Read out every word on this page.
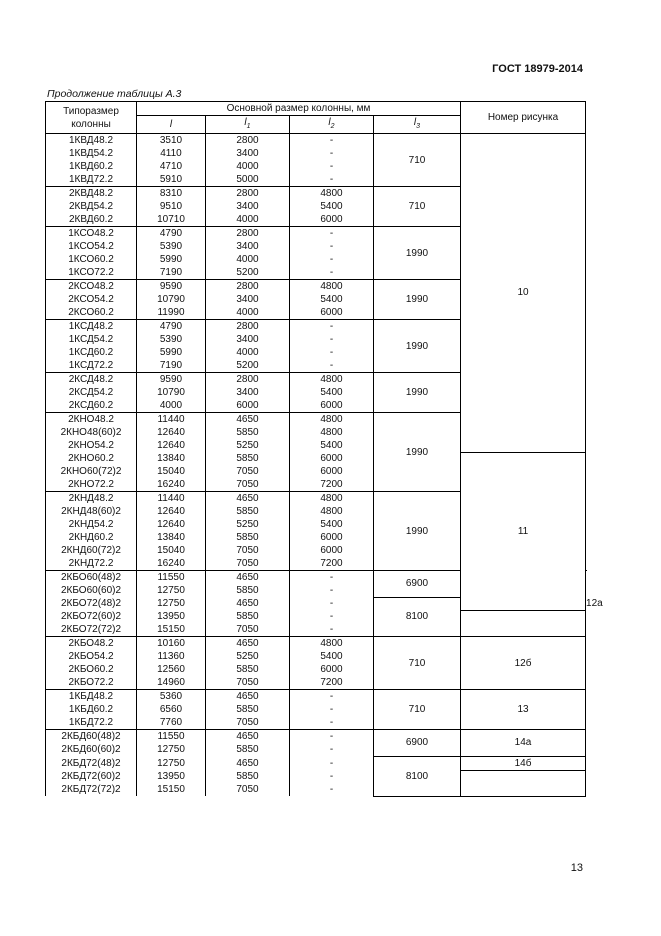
ГОСТ 18979-2014
Продолжение таблицы А.3
Типоразмер
колонны	Основной размер колонны, мм				Номер рисунка	
	l	$l_1$	$l_2$	$l_3$
1КВД48.2	3510	2800	-	710	10	
1КВД54.2	4110	3400	-			
1КВД60.2	4710	4000	-			
1КВД72.2	5910	5000	-			
2КВД48.2	8310	2800	4800	710		
2КВД54.2	9510	3400	5400			
2КВД60.2	10710	4000	6000			
1КСО48.2	4790	2800	-	1990		
1КСО54.2	5390	3400	-			
1КСО60.2	5990	4000	-			
1КСО72.2	7190	5200	-			
2КСО48.2	9590	2800	4800	1990		
2КСО54.2	10790	3400	5400			
2КСО60.2	11990	4000	6000			
1КСД48.2	4790	2800	-	1990		
1КСД54.2	5390	3400	-			
1КСД60.2	5990	4000	-			
1КСД72.2	7190	5200	-			
2КСД48.2	9590	2800	4800	1990		
2КСД54.2	10790	3400	5400			
2КСД60.2	4000	6000	6000			
2КНО48.2	11440	4650	4800	1990		
2КНО48(60)2	12640	5850	4800			
2КНО54.2	12640	5250	5400			
2КНО60.2	13840	5850	6000		11	
2КНО60(72)2	15040	7050	6000			
2КНО72.2	16240	7050	7200			
2КНД48.2	11440	4650	4800	1990		
2КНД48(60)2	12640	5850	4800			
2КНД54.2	12640	5250	5400			
2КНД60.2	13840	5850	6000			
2КНД60(72)2	15040	7050	6000			
2КНД72.2	16240	7050	7200			
2КБО60(48)2	11550	4650	-	6900		12а
2КБО60(60)2	12750	5850	-			
2КБО72(48)2	12750	4650	-	8100		
2КБО72(60)2	13950	5850	-			
2КБО72(72)2	15150	7050	-			
2КБО48.2	10160	4650	4800	710	12б	
2КБО54.2	11360	5250	5400			
2КБО60.2	12560	5850	6000			
2КБО72.2	14960	7050	7200			
1КБД48.2	5360	4650	-	710	13	
1КБД60.2	6560	5850	-			
1КБД72.2	7760	7050	-			
2КБД60(48)2	11550	4650	-	6900	14а	
2КБД60(60)2	12750	5850	-			
2КБД72(48)2	12750	4650	-	8100	14б	
2КБД72(60)2	13950	5850	-			
2КБД72(72)2	15150	7050	-			
13
